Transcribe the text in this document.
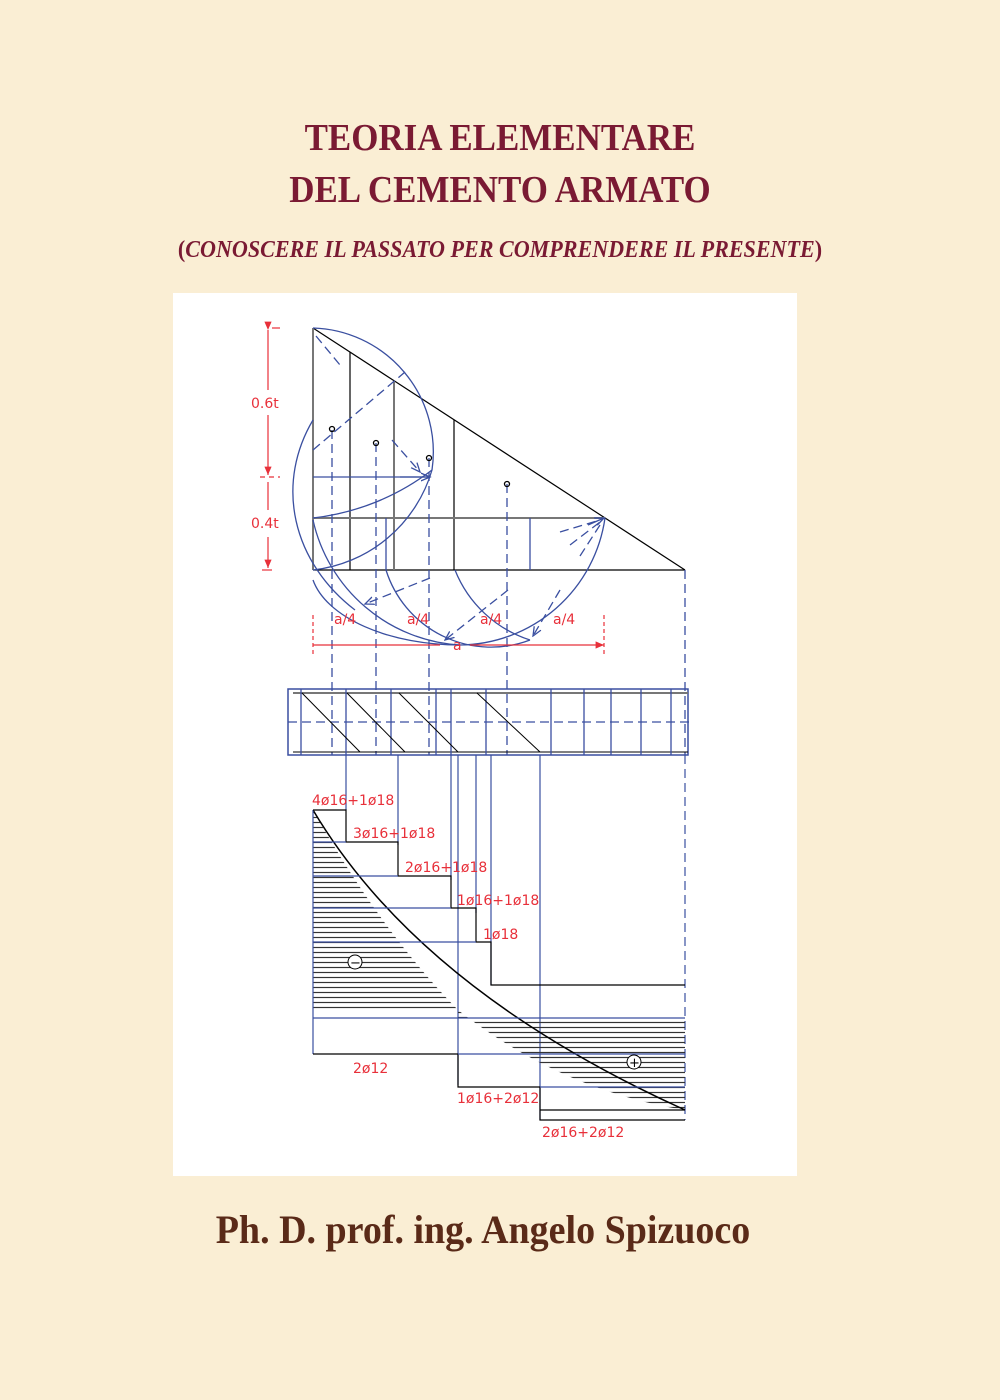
TEORIA ELEMENTARE
DEL CEMENTO ARMATO
(CONOSCERE IL PASSATO PER COMPRENDERE IL PRESENTE)
0.6t
0.4t
a/4	a/4	a/4	a/4
a
−
+
4ø16+1ø18
3ø16+1ø18
2ø16+1ø18
1ø16+1ø18
1ø18
2ø12
1ø16+2ø12
2ø16+2ø12
Ph. D. prof. ing. Angelo Spizuoco
